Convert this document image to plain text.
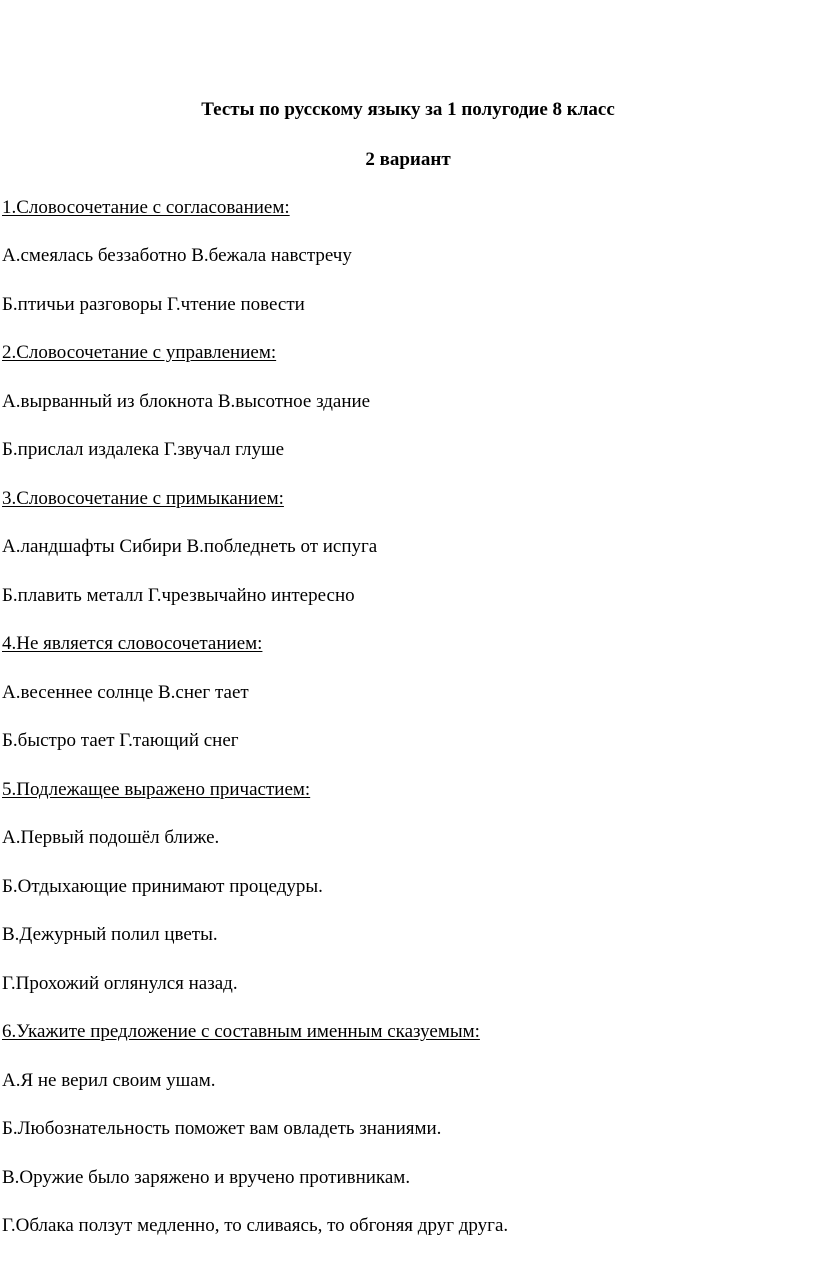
Тесты по русскому языку за 1 полугодие 8 класс
2 вариант
1.Словосочетание с согласованием:
А.смеялась беззаботно В.бежала навстречу
Б.птичьи разговоры Г.чтение повести
2.Словосочетание с управлением:
А.вырванный из блокнота В.высотное здание
Б.прислал издалека Г.звучал глуше
3.Словосочетание с примыканием:
А.ландшафты Сибири В.побледнеть от испуга
Б.плавить металл Г.чрезвычайно интересно
4.Не является словосочетанием:
А.весеннее солнце В.снег тает
Б.быстро тает Г.тающий снег
5.Подлежащее выражено причастием:
А.Первый подошёл ближе.
Б.Отдыхающие принимают процедуры.
В.Дежурный полил цветы.
Г.Прохожий оглянулся назад.
6.Укажите предложение с составным именным сказуемым:
А.Я не верил своим ушам.
Б.Любознательность поможет вам овладеть знаниями.
В.Оружие было заряжено и вручено противникам.
Г.Облака ползут медленно, то сливаясь, то обгоняя друг друга.
